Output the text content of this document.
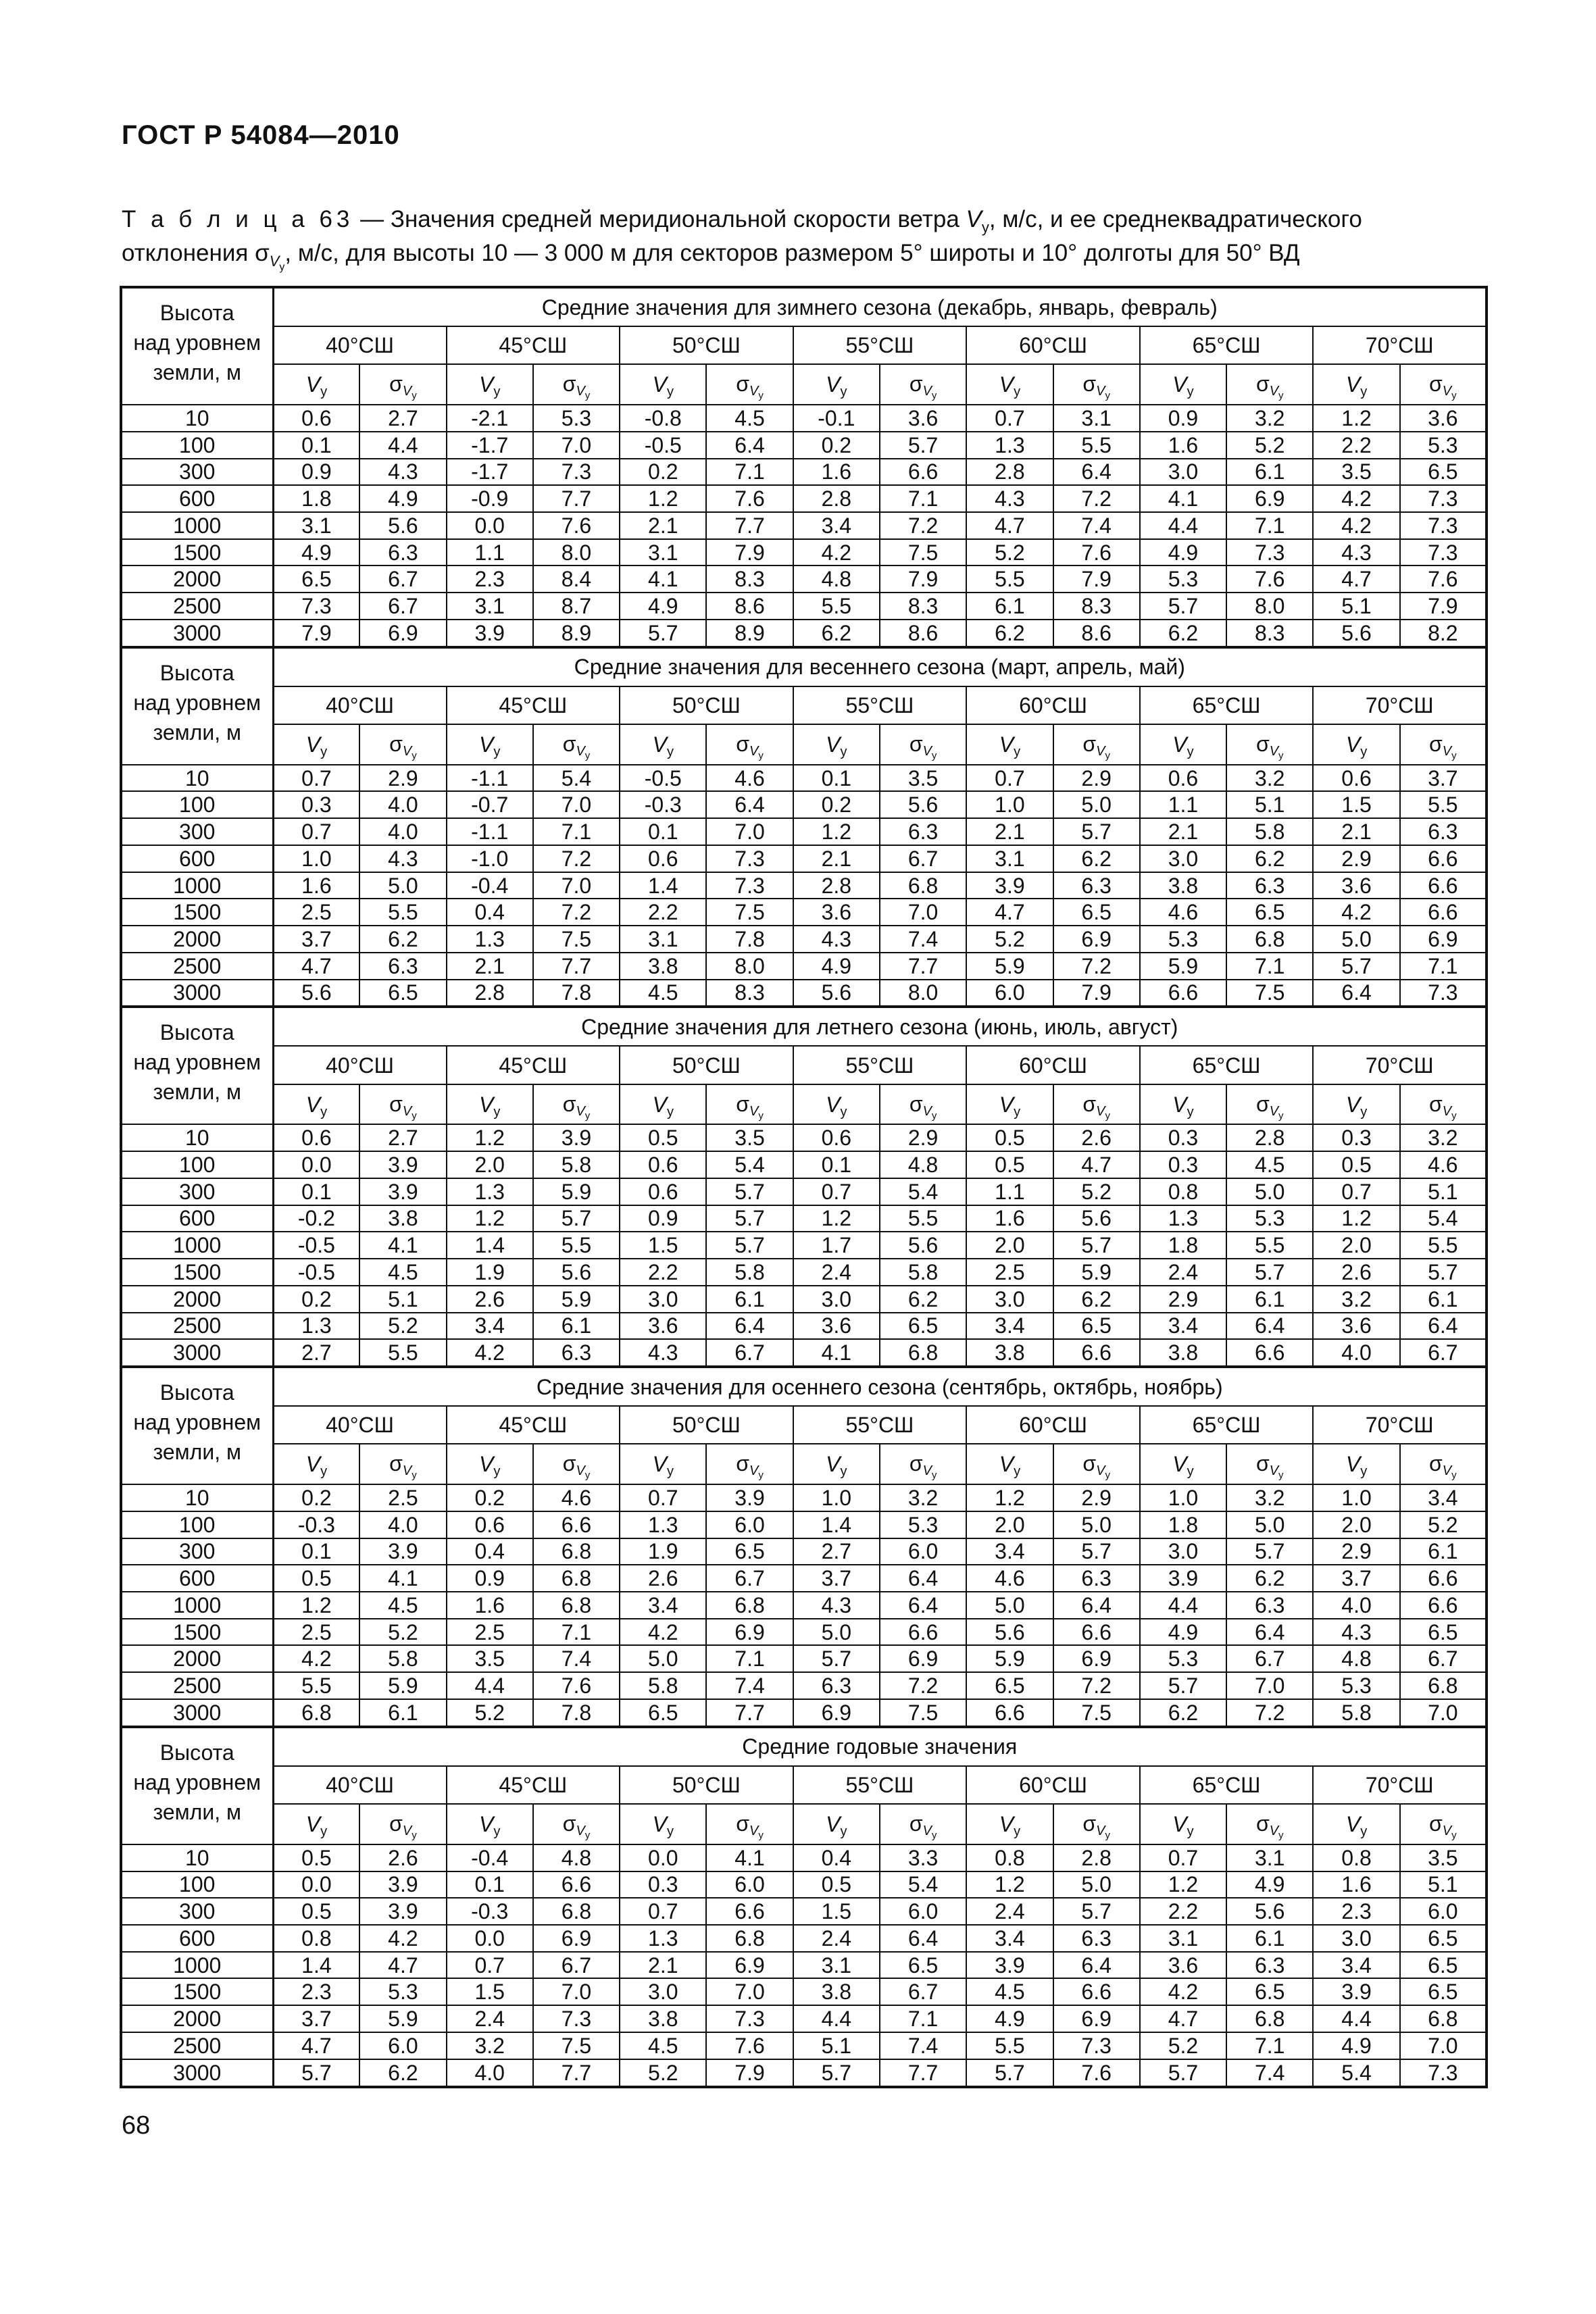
ГОСТ Р 54084—2010
Т а б л и ц а 63 — Значения средней меридиональной скорости ветра $V_y$, м/с, и ее среднеквадратического отклонения $\sigma_{V_y}$, м/с, для высоты 10 — 3 000 м для секторов размером 5° широты и 10° долготы для 50° ВД
Высота
над уровнем
земли, м	Средние значения для зимнего сезона (декабрь, январь, февраль)													
	40°СШ		45°СШ		50°СШ		55°СШ		60°СШ		65°СШ		70°СШ	
	$V_y$	$\sigma_{V_y}$	$V_y$	$\sigma_{V_y}$	$V_y$	$\sigma_{V_y}$	$V_y$	$\sigma_{V_y}$	$V_y$	$\sigma_{V_y}$	$V_y$	$\sigma_{V_y}$	$V_y$	$\sigma_{V_y}$
10	0.6	2.7	-2.1	5.3	-0.8	4.5	-0.1	3.6	0.7	3.1	0.9	3.2	1.2	3.6
100	0.1	4.4	-1.7	7.0	-0.5	6.4	0.2	5.7	1.3	5.5	1.6	5.2	2.2	5.3
300	0.9	4.3	-1.7	7.3	0.2	7.1	1.6	6.6	2.8	6.4	3.0	6.1	3.5	6.5
600	1.8	4.9	-0.9	7.7	1.2	7.6	2.8	7.1	4.3	7.2	4.1	6.9	4.2	7.3
1000	3.1	5.6	0.0	7.6	2.1	7.7	3.4	7.2	4.7	7.4	4.4	7.1	4.2	7.3
1500	4.9	6.3	1.1	8.0	3.1	7.9	4.2	7.5	5.2	7.6	4.9	7.3	4.3	7.3
2000	6.5	6.7	2.3	8.4	4.1	8.3	4.8	7.9	5.5	7.9	5.3	7.6	4.7	7.6
2500	7.3	6.7	3.1	8.7	4.9	8.6	5.5	8.3	6.1	8.3	5.7	8.0	5.1	7.9
3000	7.9	6.9	3.9	8.9	5.7	8.9	6.2	8.6	6.2	8.6	6.2	8.3	5.6	8.2

Высота
над уровнем
земли, м	Средние значения для весеннего сезона (март, апрель, май)													
	40°СШ		45°СШ		50°СШ		55°СШ		60°СШ		65°СШ		70°СШ	
	$V_y$	$\sigma_{V_y}$	$V_y$	$\sigma_{V_y}$	$V_y$	$\sigma_{V_y}$	$V_y$	$\sigma_{V_y}$	$V_y$	$\sigma_{V_y}$	$V_y$	$\sigma_{V_y}$	$V_y$	$\sigma_{V_y}$
10	0.7	2.9	-1.1	5.4	-0.5	4.6	0.1	3.5	0.7	2.9	0.6	3.2	0.6	3.7
100	0.3	4.0	-0.7	7.0	-0.3	6.4	0.2	5.6	1.0	5.0	1.1	5.1	1.5	5.5
300	0.7	4.0	-1.1	7.1	0.1	7.0	1.2	6.3	2.1	5.7	2.1	5.8	2.1	6.3
600	1.0	4.3	-1.0	7.2	0.6	7.3	2.1	6.7	3.1	6.2	3.0	6.2	2.9	6.6
1000	1.6	5.0	-0.4	7.0	1.4	7.3	2.8	6.8	3.9	6.3	3.8	6.3	3.6	6.6
1500	2.5	5.5	0.4	7.2	2.2	7.5	3.6	7.0	4.7	6.5	4.6	6.5	4.2	6.6
2000	3.7	6.2	1.3	7.5	3.1	7.8	4.3	7.4	5.2	6.9	5.3	6.8	5.0	6.9
2500	4.7	6.3	2.1	7.7	3.8	8.0	4.9	7.7	5.9	7.2	5.9	7.1	5.7	7.1
3000	5.6	6.5	2.8	7.8	4.5	8.3	5.6	8.0	6.0	7.9	6.6	7.5	6.4	7.3

Высота
над уровнем
земли, м	Средние значения для летнего сезона (июнь, июль, август)													
	40°СШ		45°СШ		50°СШ		55°СШ		60°СШ		65°СШ		70°СШ	
	$V_y$	$\sigma_{V_y}$	$V_y$	$\sigma_{V_y}$	$V_y$	$\sigma_{V_y}$	$V_y$	$\sigma_{V_y}$	$V_y$	$\sigma_{V_y}$	$V_y$	$\sigma_{V_y}$	$V_y$	$\sigma_{V_y}$
10	0.6	2.7	1.2	3.9	0.5	3.5	0.6	2.9	0.5	2.6	0.3	2.8	0.3	3.2
100	0.0	3.9	2.0	5.8	0.6	5.4	0.1	4.8	0.5	4.7	0.3	4.5	0.5	4.6
300	0.1	3.9	1.3	5.9	0.6	5.7	0.7	5.4	1.1	5.2	0.8	5.0	0.7	5.1
600	-0.2	3.8	1.2	5.7	0.9	5.7	1.2	5.5	1.6	5.6	1.3	5.3	1.2	5.4
1000	-0.5	4.1	1.4	5.5	1.5	5.7	1.7	5.6	2.0	5.7	1.8	5.5	2.0	5.5
1500	-0.5	4.5	1.9	5.6	2.2	5.8	2.4	5.8	2.5	5.9	2.4	5.7	2.6	5.7
2000	0.2	5.1	2.6	5.9	3.0	6.1	3.0	6.2	3.0	6.2	2.9	6.1	3.2	6.1
2500	1.3	5.2	3.4	6.1	3.6	6.4	3.6	6.5	3.4	6.5	3.4	6.4	3.6	6.4
3000	2.7	5.5	4.2	6.3	4.3	6.7	4.1	6.8	3.8	6.6	3.8	6.6	4.0	6.7

Высота
над уровнем
земли, м	Средние значения для осеннего сезона (сентябрь, октябрь, ноябрь)													
	40°СШ		45°СШ		50°СШ		55°СШ		60°СШ		65°СШ		70°СШ	
	$V_y$	$\sigma_{V_y}$	$V_y$	$\sigma_{V_y}$	$V_y$	$\sigma_{V_y}$	$V_y$	$\sigma_{V_y}$	$V_y$	$\sigma_{V_y}$	$V_y$	$\sigma_{V_y}$	$V_y$	$\sigma_{V_y}$
10	0.2	2.5	0.2	4.6	0.7	3.9	1.0	3.2	1.2	2.9	1.0	3.2	1.0	3.4
100	-0.3	4.0	0.6	6.6	1.3	6.0	1.4	5.3	2.0	5.0	1.8	5.0	2.0	5.2
300	0.1	3.9	0.4	6.8	1.9	6.5	2.7	6.0	3.4	5.7	3.0	5.7	2.9	6.1
600	0.5	4.1	0.9	6.8	2.6	6.7	3.7	6.4	4.6	6.3	3.9	6.2	3.7	6.6
1000	1.2	4.5	1.6	6.8	3.4	6.8	4.3	6.4	5.0	6.4	4.4	6.3	4.0	6.6
1500	2.5	5.2	2.5	7.1	4.2	6.9	5.0	6.6	5.6	6.6	4.9	6.4	4.3	6.5
2000	4.2	5.8	3.5	7.4	5.0	7.1	5.7	6.9	5.9	6.9	5.3	6.7	4.8	6.7
2500	5.5	5.9	4.4	7.6	5.8	7.4	6.3	7.2	6.5	7.2	5.7	7.0	5.3	6.8
3000	6.8	6.1	5.2	7.8	6.5	7.7	6.9	7.5	6.6	7.5	6.2	7.2	5.8	7.0

Высота
над уровнем
земли, м	Средние годовые значения													
	40°СШ		45°СШ		50°СШ		55°СШ		60°СШ		65°СШ		70°СШ	
	$V_y$	$\sigma_{V_y}$	$V_y$	$\sigma_{V_y}$	$V_y$	$\sigma_{V_y}$	$V_y$	$\sigma_{V_y}$	$V_y$	$\sigma_{V_y}$	$V_y$	$\sigma_{V_y}$	$V_y$	$\sigma_{V_y}$
10	0.5	2.6	-0.4	4.8	0.0	4.1	0.4	3.3	0.8	2.8	0.7	3.1	0.8	3.5
100	0.0	3.9	0.1	6.6	0.3	6.0	0.5	5.4	1.2	5.0	1.2	4.9	1.6	5.1
300	0.5	3.9	-0.3	6.8	0.7	6.6	1.5	6.0	2.4	5.7	2.2	5.6	2.3	6.0
600	0.8	4.2	0.0	6.9	1.3	6.8	2.4	6.4	3.4	6.3	3.1	6.1	3.0	6.5
1000	1.4	4.7	0.7	6.7	2.1	6.9	3.1	6.5	3.9	6.4	3.6	6.3	3.4	6.5
1500	2.3	5.3	1.5	7.0	3.0	7.0	3.8	6.7	4.5	6.6	4.2	6.5	3.9	6.5
2000	3.7	5.9	2.4	7.3	3.8	7.3	4.4	7.1	4.9	6.9	4.7	6.8	4.4	6.8
2500	4.7	6.0	3.2	7.5	4.5	7.6	5.1	7.4	5.5	7.3	5.2	7.1	4.9	7.0
3000	5.7	6.2	4.0	7.7	5.2	7.9	5.7	7.7	5.7	7.6	5.7	7.4	5.4	7.3
68
